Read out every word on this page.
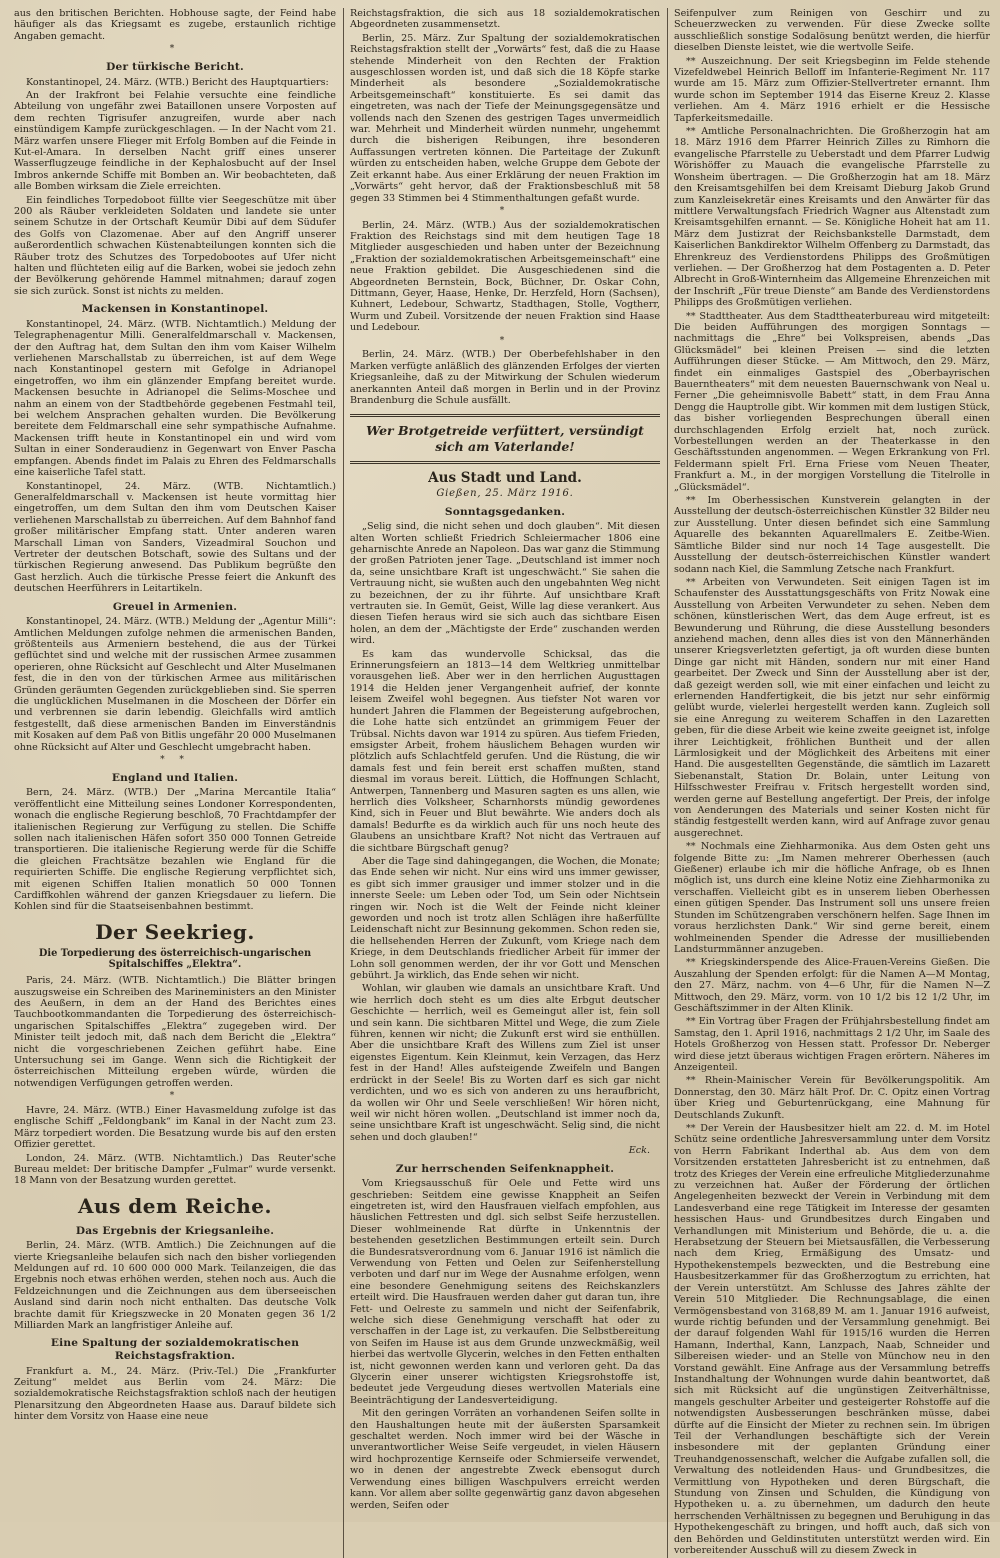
aus den britischen Berichten. Hobhouse sagte, der Feind habe häufiger als das Kriegsamt es zugebe, erstaunlich richtige Angaben gemacht.

*
Der türkische Bericht.

Konstantinopel, 24. März. (WTB.) Bericht des Hauptquartiers:

An der Irakfront bei Felahie versuchte eine feindliche Abteilung von ungefähr zwei Bataillonen unsere Vorposten auf dem rechten Tigrisufer anzugreifen, wurde aber nach einstündigem Kampfe zurückgeschlagen. — In der Nacht vom 21. März warfen unsere Flieger mit Erfolg Bomben auf die Feinde in Kut-el-Amara. In derselben Nacht griff eines unserer Wasserflugzeuge feindliche in der Kephalosbucht auf der Insel Imbros ankernde Schiffe mit Bomben an. Wir beobachteten, daß alle Bomben wirksam die Ziele erreichten.

Ein feindliches Torpedoboot füllte vier Seegeschütze mit über 200 als Räuber verkleideten Soldaten und landete sie unter seinem Schutze in der Ortschaft Keumür Dibi auf dem Südufer des Golfs von Clazomenae. Aber auf den Angriff unserer außerordentlich schwachen Küstenabteilungen konnten sich die Räuber trotz des Schutzes des Torpedobootes auf Ufer nicht halten und flüchteten eilig auf die Barken, wobei sie jedoch zehn der Bevölkerung gehörende Hammel mitnahmen; darauf zogen sie sich zurück. Sonst ist nichts zu melden.

Mackensen in Konstantinopel.

Konstantinopel, 24. März. (WTB. Nichtamtlich.) Meldung der Telegraphenagentur Milli. Generalfeldmarschall v. Mackensen, der den Auftrag hat, dem Sultan den ihm vom Kaiser Wilhelm verliehenen Marschallstab zu überreichen, ist auf dem Wege nach Konstantinopel gestern mit Gefolge in Adrianopel eingetroffen, wo ihm ein glänzender Empfang bereitet wurde. Mackensen besuchte in Adrianopel die Selims-Moschee und nahm an einem von der Stadtbehörde gegebenen Festmahl teil, bei welchem Ansprachen gehalten wurden. Die Bevölkerung bereitete dem Feldmarschall eine sehr sympathische Aufnahme. Mackensen trifft heute in Konstantinopel ein und wird vom Sultan in einer Sonderaudienz in Gegenwart von Enver Pascha empfangen. Abends findet im Palais zu Ehren des Feldmarschalls eine kaiserliche Tafel statt.

Konstantinopel, 24. März. (WTB. Nichtamtlich.) Generalfeldmarschall v. Mackensen ist heute vormittag hier eingetroffen, um dem Sultan den ihm vom Deutschen Kaiser verliehenen Marschallstab zu überreichen. Auf dem Bahnhof fand großer militärischer Empfang statt. Unter anderen waren Marschall Liman von Sanders, Vizeadmiral Souchon und Vertreter der deutschen Botschaft, sowie des Sultans und der türkischen Regierung anwesend. Das Publikum begrüßte den Gast herzlich. Auch die türkische Presse feiert die Ankunft des deutschen Heerführers in Leitartikeln.

Greuel in Armenien.

Konstantinopel, 24. März. (WTB.) Meldung der „Agentur Milli“: Amtlichen Meldungen zufolge nehmen die armenischen Banden, größtenteils aus Armeniern bestehend, die aus der Türkei geflüchtet sind und welche mit der russischen Armee zusammen operieren, ohne Rücksicht auf Geschlecht und Alter Muselmanen fest, die in den von der türkischen Armee aus militärischen Gründen geräumten Gegenden zurückgeblieben sind. Sie sperren die unglücklichen Muselmanen in die Moscheen der Dörfer ein und verbrennen sie darin lebendig. Gleichfalls wird amtlich festgestellt, daß diese armenischen Banden im Einverständnis mit Kosaken auf dem Paß von Bitlis ungefähr 20 000 Muselmanen ohne Rücksicht auf Alter und Geschlecht umgebracht haben.

* *
England und Italien.

Bern, 24. März. (WTB.) Der „Marina Mercantile Italia“ veröffentlicht eine Mitteilung seines Londoner Korrespondenten, wonach die englische Regierung beschloß, 70 Frachtdampfer der italienischen Regierung zur Verfügung zu stellen. Die Schiffe sollen nach italienischen Häfen sofort 350 000 Tonnen Getreide transportieren. Die italienische Regierung werde für die Schiffe die gleichen Frachtsätze bezahlen wie England für die requirierten Schiffe. Die englische Regierung verpflichtet sich, mit eigenen Schiffen Italien monatlich 50 000 Tonnen Cardiffkohlen während der ganzen Kriegsdauer zu liefern. Die Kohlen sind für die Staatseisenbahnen bestimmt.

Der Seekrieg.
Die Torpedierung des österreichisch-ungarischen Spitalschiffes „Elektra“.

Paris, 24. März. (WTB. Nichtamtlich.) Die Blätter bringen auszugsweise ein Schreiben des Marineministers an den Minister des Aeußern, in dem an der Hand des Berichtes eines Tauchbootkommandanten die Torpedierung des österreichisch-ungarischen Spitalschiffes „Elektra“ zugegeben wird. Der Minister teilt jedoch mit, daß nach dem Bericht die „Elektra“ nicht die vorgeschriebenen Zeichen geführt habe. Eine Untersuchung sei im Gange. Wenn sich die Richtigkeit der österreichischen Mitteilung ergeben würde, würden die notwendigen Verfügungen getroffen werden.

*

Havre, 24. März. (WTB.) Einer Havasmeldung zufolge ist das englische Schiff „Feldongbank“ im Kanal in der Nacht zum 23. März torpediert worden. Die Besatzung wurde bis auf den ersten Offizier gerettet.

London, 24. März. (WTB. Nichtamtlich.) Das Reuter'sche Bureau meldet: Der britische Dampfer „Fulmar“ wurde versenkt. 18 Mann von der Besatzung wurden gerettet.

Aus dem Reiche.
Das Ergebnis der Kriegsanleihe.

Berlin, 24. März. (WTB. Amtlich.) Die Zeichnungen auf die vierte Kriegsanleihe belaufen sich nach den bisher vorliegenden Meldungen auf rd. 10 600 000 000 Mark. Teilanzeigen, die das Ergebnis noch etwas erhöhen werden, stehen noch aus. Auch die Feldzeichnungen und die Zeichnungen aus dem überseeischen Ausland sind darin noch nicht enthalten. Das deutsche Volk brachte damit für Kriegszwecke in 20 Monaten gegen 36 1/2 Milliarden Mark an langfristiger Anleihe auf.

Eine Spaltung der sozialdemokratischen Reichstagsfraktion.

Frankfurt a. M., 24. März. (Priv.-Tel.) Die „Frankfurter Zeitung“ meldet aus Berlin vom 24. März: Die sozialdemokratische Reichstagsfraktion schloß nach der heutigen Plenarsitzung den Abgeordneten Haase aus. Darauf bildete sich hinter dem Vorsitz von Haase eine neue

Reichstagsfraktion, die sich aus 18 sozialdemokratischen Abgeordneten zusammensetzt.

Berlin, 25. März. Zur Spaltung der sozialdemokratischen Reichstagsfraktion stellt der „Vorwärts“ fest, daß die zu Haase stehende Minderheit von den Rechten der Fraktion ausgeschlossen worden ist, und daß sich die 18 Köpfe starke Minderheit als besondere „Sozialdemokratische Arbeitsgemeinschaft“ konstituierte. Es sei damit das eingetreten, was nach der Tiefe der Meinungsgegensätze und vollends nach den Szenen des gestrigen Tages unvermeidlich war. Mehrheit und Minderheit würden nunmehr, ungehemmt durch die bisherigen Reibungen, ihre besonderen Auffassungen vertreten können. Die Parteitage der Zukunft würden zu entscheiden haben, welche Gruppe dem Gebote der Zeit erkannt habe. Aus einer Erklärung der neuen Fraktion im „Vorwärts“ geht hervor, daß der Fraktionsbeschluß mit 58 gegen 33 Stimmen bei 4 Stimmenthaltungen gefaßt wurde.

*

Berlin, 24. März. (WTB.) Aus der sozialdemokratischen Fraktion des Reichstags sind mit dem heutigen Tage 18 Mitglieder ausgeschieden und haben unter der Bezeichnung „Fraktion der sozialdemokratischen Arbeitsgemeinschaft“ eine neue Fraktion gebildet. Die Ausgeschiedenen sind die Abgeordneten Bernstein, Bock, Büchner, Dr. Oskar Cohn, Dittmann, Geyer, Haase, Henke, Dr. Herzfeld, Horn (Sachsen), Kuhnert, Ledebour, Schwartz, Stadthagen, Stolle, Vogtherr, Wurm und Zubeil. Vorsitzende der neuen Fraktion sind Haase und Ledebour.

*

Berlin, 24. März. (WTB.) Der Oberbefehlshaber in den Marken verfügte anläßlich des glänzenden Erfolges der vierten Kriegsanleihe, daß zu der Mitwirkung der Schulen wiederum anerkannten Anteil daß morgen in Berlin und in der Provinz Brandenburg die Schule ausfällt.

Wer Brotgetreide verfüttert, versündigt sich am Vaterlande!
Aus Stadt und Land.
Gießen, 25. März 1916.
Sonntagsgedanken.

„Selig sind, die nicht sehen und doch glauben“. Mit diesen alten Worten schließt Friedrich Schleiermacher 1806 eine geharnischte Anrede an Napoleon. Das war ganz die Stimmung der großen Patrioten jener Tage. „Deutschland ist immer noch da, seine unsichtbare Kraft ist ungeschwächt.“ Sie sahen die Vertrauung nicht, sie wußten auch den ungebahnten Weg nicht zu bezeichnen, der zu ihr führte. Auf unsichtbare Kraft vertrauten sie. In Gemüt, Geist, Wille lag diese verankert. Aus diesen Tiefen heraus wird sie sich auch das sichtbare Eisen holen, an dem der „Mächtigste der Erde“ zuschanden werden wird.

Es kam das wundervolle Schicksal, das die Erinnerungsfeiern an 1813—14 dem Weltkrieg unmittelbar vorausgehen ließ. Aber wer in den herrlichen Augusttagen 1914 die Helden jener Vergangenheit aufrief, der konnte leisem Zweifel wohl begegnen. Aus tiefster Not waren vor hundert Jahren die Flammen der Begeisterung aufgebrochen, die Lohe hatte sich entzündet an grimmigem Feuer der Trübsal. Nichts davon war 1914 zu spüren. Aus tiefem Frieden, emsigster Arbeit, frohem häuslichem Behagen wurden wir plötzlich aufs Schlachtfeld gerufen. Und die Rüstung, die wir damals fest und fein bereit erst schaffen mußten, stand diesmal im voraus bereit. Lüttich, die Hoffnungen Schlacht, Antwerpen, Tannenberg und Masuren sagten es uns allen, wie herrlich dies Volksheer, Scharnhorsts mündig gewordenes Kind, sich in Feuer und Blut bewährte. Wie anders doch als damals! Bedurfte es da wirklich auch für uns noch heute des Glaubens an unsichtbare Kraft? Not nicht das Vertrauen auf die sichtbare Bürgschaft genug?

Aber die Tage sind dahingegangen, die Wochen, die Monate; das Ende sehen wir nicht. Nur eins wird uns immer gewisser, es gibt sich immer grausiger und immer stolzer und in die innerste Seele: um Leben oder Tod, um Sein oder Nichtsein ringen wir. Noch ist die Welt der Feinde nicht kleiner geworden und noch ist trotz allen Schlägen ihre haßerfüllte Leidenschaft nicht zur Besinnung gekommen. Schon reden sie, die hellsehenden Herren der Zukunft, vom Kriege nach dem Kriege, in dem Deutschlands friedlicher Arbeit für immer der Lohn soll genommen werden, der ihr vor Gott und Menschen gebührt. Ja wirklich, das Ende sehen wir nicht.

Wohlan, wir glauben wie damals an unsichtbare Kraft. Und wie herrlich doch steht es um dies alte Erbgut deutscher Geschichte — herrlich, weil es Gemeingut aller ist, fein soll und sein kann. Die sichtbaren Mittel und Wege, die zum Ziele führen, kennen wir nicht; die Zukunft erst wird sie enthüllen. Aber die unsichtbare Kraft des Willens zum Ziel ist unser eigenstes Eigentum. Kein Kleinmut, kein Verzagen, das Herz fest in der Hand! Alles aufsteigende Zweifeln und Bangen erdrückt in der Seele! Bis zu Worten darf es sich gar nicht verdichten, und wo es sich von anderen zu uns heraufbricht, da wollen wir Ohr und Seele verschließen! Wir hören nicht, weil wir nicht hören wollen. „Deutschland ist immer noch da, seine unsichtbare Kraft ist ungeschwächt. Selig sind, die nicht sehen und doch glauben!“

Eck.
Zur herrschenden Seifenknappheit.

Vom Kriegsausschuß für Oele und Fette wird uns geschrieben: Seitdem eine gewisse Knappheit an Seifen eingetreten ist, wird den Hausfrauen vielfach empfohlen, aus häuslichen Fettresten und dgl. sich selbst Seife herzustellen. Dieser wohlmeinende Rat dürfte in Unkenntnis der bestehenden gesetzlichen Bestimmungen erteilt sein. Durch die Bundesratsverordnung vom 6. Januar 1916 ist nämlich die Verwendung von Fetten und Oelen zur Seifenherstellung verboten und darf nur im Wege der Ausnahme erfolgen, wenn eine besondere Genehmigung seitens des Reichskanzlers erteilt wird. Die Hausfrauen werden daher gut daran tun, ihre Fett- und Oelreste zu sammeln und nicht der Seifenfabrik, welche sich diese Genehmigung verschafft hat oder zu verschaffen in der Lage ist, zu verkaufen. Die Selbstbereitung von Seifen im Hause ist aus dem Grunde unzweckmäßig, weil hierbei das wertvolle Glycerin, welches in den Fetten enthalten ist, nicht gewonnen werden kann und verloren geht. Da das Glycerin einer unserer wichtigsten Kriegsrohstoffe ist, bedeutet jede Vergeudung dieses wertvollen Materials eine Beeinträchtigung der Landesverteidigung.

Mit den geringen Vorräten an vorhandenen Seifen sollte in den Haushaltungen heute mit der äußersten Sparsamkeit geschaltet werden. Noch immer wird bei der Wäsche in unverantwortlicher Weise Seife vergeudet, in vielen Häusern wird hochprozentige Kernseife oder Schmierseife verwendet, wo in denen der angestrebte Zweck ebensogut durch Verwendung eines billigen Waschpulvers erreicht werden kann. Vor allem aber sollte gegenwärtig ganz davon abgesehen werden, Seifen oder

Seifenpulver zum Reinigen von Geschirr und zu Scheuerzwecken zu verwenden. Für diese Zwecke sollte ausschließlich sonstige Sodalösung benützt werden, die hierfür dieselben Dienste leistet, wie die wertvolle Seife.

** Auszeichnung. Der seit Kriegsbeginn im Felde stehende Vizefeldwebel Heinrich Belloff im Infanterie-Regiment Nr. 117 wurde am 15. März zum Offizier-Stellvertreter ernannt. Ihm wurde schon im September 1914 das Eiserne Kreuz 2. Klasse verliehen. Am 4. März 1916 erhielt er die Hessische Tapferkeitsmedaille.

** Amtliche Personalnachrichten. Die Großherzogin hat am 18. März 1916 dem Pfarrer Heinrich Zilles zu Rimhorn die evangelische Pfarrstelle zu Ueberstadt und dem Pfarrer Ludwig Wörishöffer zu Mauach die evangelische Pfarrstelle zu Wonsheim übertragen. — Die Großherzogin hat am 18. März den Kreisamtsgehilfen bei dem Kreisamt Dieburg Jakob Grund zum Kanzleisekretär eines Kreisamts und den Anwärter für das mittlere Verwaltungsfach Friedrich Wagner aus Altenstadt zum Kreisamtsgehilfen ernannt. — Se. Königliche Hoheit hat am 11. März dem Justizrat der Reichsbankstelle Darmstadt, dem Kaiserlichen Bankdirektor Wilhelm Offenberg zu Darmstadt, das Ehrenkreuz des Verdienstordens Philipps des Großmütigen verliehen. — Der Großherzog hat dem Postagenten a. D. Peter Albrecht in Groß-Winternheim das Allgemeine Ehrenzeichen mit der Inschrift „Für treue Dienste“ am Bande des Verdienstordens Philipps des Großmütigen verliehen.

** Stadttheater. Aus dem Stadttheaterbureau wird mitgeteilt: Die beiden Aufführungen des morgigen Sonntags — nachmittags die „Ehre“ bei Volkspreisen, abends „Das Glücksmädel“ bei kleinen Preisen — sind die letzten Aufführungen dieser Stücke. — Am Mittwoch, den 29. März, findet ein einmaliges Gastspiel des „Oberbayrischen Bauerntheaters“ mit dem neuesten Bauernschwank von Neal u. Ferner „Die geheimnisvolle Babett“ statt, in dem Frau Anna Dengg die Hauptrolle gibt. Wir kommen mit dem lustigen Stück, das bisher vorliegenden Besprechungen überall einen durchschlagenden Erfolg erzielt hat, noch zurück. Vorbestellungen werden an der Theaterkasse in den Geschäftsstunden angenommen. — Wegen Erkrankung von Frl. Feldermann spielt Frl. Erna Friese vom Neuen Theater, Frankfurt a. M., in der morgigen Vorstellung die Titelrolle in „Glücksmädel“.

** Im Oberhessischen Kunstverein gelangten in der Ausstellung der deutsch-österreichischen Künstler 32 Bilder neu zur Ausstellung. Unter diesen befindet sich eine Sammlung Aquarelle des bekannten Aquarellmalers E. Zeitbe-Wien. Sämtliche Bilder sind nur noch 14 Tage ausgestellt. Die Ausstellung der deutsch-österreichischen Künstler wandert sodann nach Kiel, die Sammlung Zetsche nach Frankfurt.

** Arbeiten von Verwundeten. Seit einigen Tagen ist im Schaufenster des Ausstattungsgeschäfts von Fritz Nowak eine Ausstellung von Arbeiten Verwundeter zu sehen. Neben dem schönen, künstlerischen Wert, das dem Auge erfreut, ist es Bewunderung und Rührung, die diese Ausstellung besonders anziehend machen, denn alles dies ist von den Männerhänden unserer Kriegsverletzten gefertigt, ja oft wurden diese bunten Dinge gar nicht mit Händen, sondern nur mit einer Hand gearbeitet. Der Zweck und Sinn der Ausstellung aber ist der, daß gezeigt werden soll, wie mit einer einfachen und leicht zu erlernenden Handfertigkeit, die bis jetzt nur sehr einförmig gelübt wurde, vielerlei hergestellt werden kann. Zugleich soll sie eine Anregung zu weiterem Schaffen in den Lazaretten geben, für die diese Arbeit wie keine zweite geeignet ist, infolge ihrer Leichtigkeit, fröhlichen Buntheit und der allen Lärmlosigkeit und der Möglichkeit des Arbeitens mit einer Hand. Die ausgestellten Gegenstände, die sämtlich im Lazarett Siebenanstalt, Station Dr. Bolain, unter Leitung von Hilfsschwester Freifrau v. Fritsch hergestellt worden sind, werden gerne auf Bestellung angefertigt. Der Preis, der infolge von Aenderungen des Materials und seiner Kosten nicht für ständig festgestellt werden kann, wird auf Anfrage zuvor genau ausgerechnet.

** Nochmals eine Ziehharmonika. Aus dem Osten geht uns folgende Bitte zu: „Im Namen mehrerer Oberhessen (auch Gießener) erlaube ich mir die höfliche Anfrage, ob es Ihnen möglich ist, uns durch eine kleine Notiz eine Ziehharmonika zu verschaffen. Vielleicht gibt es in unserem lieben Oberhessen einen gütigen Spender. Das Instrument soll uns unsere freien Stunden im Schützengraben verschönern helfen. Sage Ihnen im voraus herzlichsten Dank.“ Wir sind gerne bereit, einem wohlmeinenden Spender die Adresse der musilliebenden Landsturmmänner anzugeben.

** Kriegskinderspende des Alice-Frauen-Vereins Gießen. Die Auszahlung der Spenden erfolgt: für die Namen A—M Montag, den 27. März, nachm. von 4—6 Uhr, für die Namen N—Z Mittwoch, den 29. März, vorm. von 10 1/2 bis 12 1/2 Uhr, im Geschäftszimmer in der Alten Klinik.

** Ein Vortrag über Fragen der Frühjahrsbestellung findet am Samstag, den 1. April 1916, nachmittags 2 1/2 Uhr, im Saale des Hotels Großherzog von Hessen statt. Professor Dr. Neberger wird diese jetzt überaus wichtigen Fragen erörtern. Näheres im Anzeigenteil.

** Rhein-Mainischer Verein für Bevölkerungspolitik. Am Donnerstag, den 30. März hält Prof. Dr. C. Opitz einen Vortrag über Krieg und Geburtenrückgang, eine Mahnung für Deutschlands Zukunft.

** Der Verein der Hausbesitzer hielt am 22. d. M. im Hotel Schütz seine ordentliche Jahresversammlung unter dem Vorsitz von Herrn Fabrikant Inderthal ab. Aus dem von dem Vorsitzenden erstatteten Jahresbericht ist zu entnehmen, daß trotz des Krieges der Verein eine erfreuliche Mitgliederzunahme zu verzeichnen hat. Außer der Förderung der örtlichen Angelegenheiten bezweckt der Verein in Verbindung mit dem Landesverband eine rege Tätigkeit im Interesse der gesamten hessischen Haus- und Grundbesitzes durch Eingaben und Verhandlungen mit Ministerium und Behörde, die u. a. die Herabsetzung der Steuern bei Mietsausfällen, die Verbesserung nach dem Krieg, Ermäßigung des Umsatz- und Hypothekenstempels bezweckten, und die Bestrebung eine Hausbesitzerkammer für das Großherzogtum zu errichten, hat der Verein unterstützt. Am Schlusse des Jahres zählte der Verein 510 Mitglieder. Die Rechnungsablage, die einen Vermögensbestand von 3168,89 M. am 1. Januar 1916 aufweist, wurde richtig befunden und der Versammlung genehmigt. Bei der darauf folgenden Wahl für 1915/16 wurden die Herren Hamann, Inderthal, Kann, Lanzpach, Naab, Schneider und Silbereisen wieder- und an Stelle von Münchow neu in den Vorstand gewählt. Eine Anfrage aus der Versammlung betreffs Instandhaltung der Wohnungen wurde dahin beantwortet, daß sich mit Rücksicht auf die ungünstigen Zeitverhältnisse, mangels geschulter Arbeiter und gesteigerter Rohstoffe auf die notwendigsten Ausbesserungen beschränken müsse, dabei dürfte auf die Einsicht der Mieter zu rechnen sein. Im übrigen Teil der Verhandlungen beschäftigte sich der Verein insbesondere mit der geplanten Gründung einer Treuhandgenossenschaft, welcher die Aufgabe zufallen soll, die Verwaltung des notleidenden Haus- und Grundbesitzes, die Vermittlung von Hypotheken und deren Bürgschaft, die Stundung von Zinsen und Schulden, die Kündigung von Hypotheken u. a. zu übernehmen, um dadurch den heute herrschenden Verhältnissen zu begegnen und Beruhigung in das Hypothekengeschäft zu bringen, und hofft auch, daß sich von den Behörden und Geldinstituten unterstützt werden wird. Ein vorbereitender Ausschuß will zu diesem Zweck in
